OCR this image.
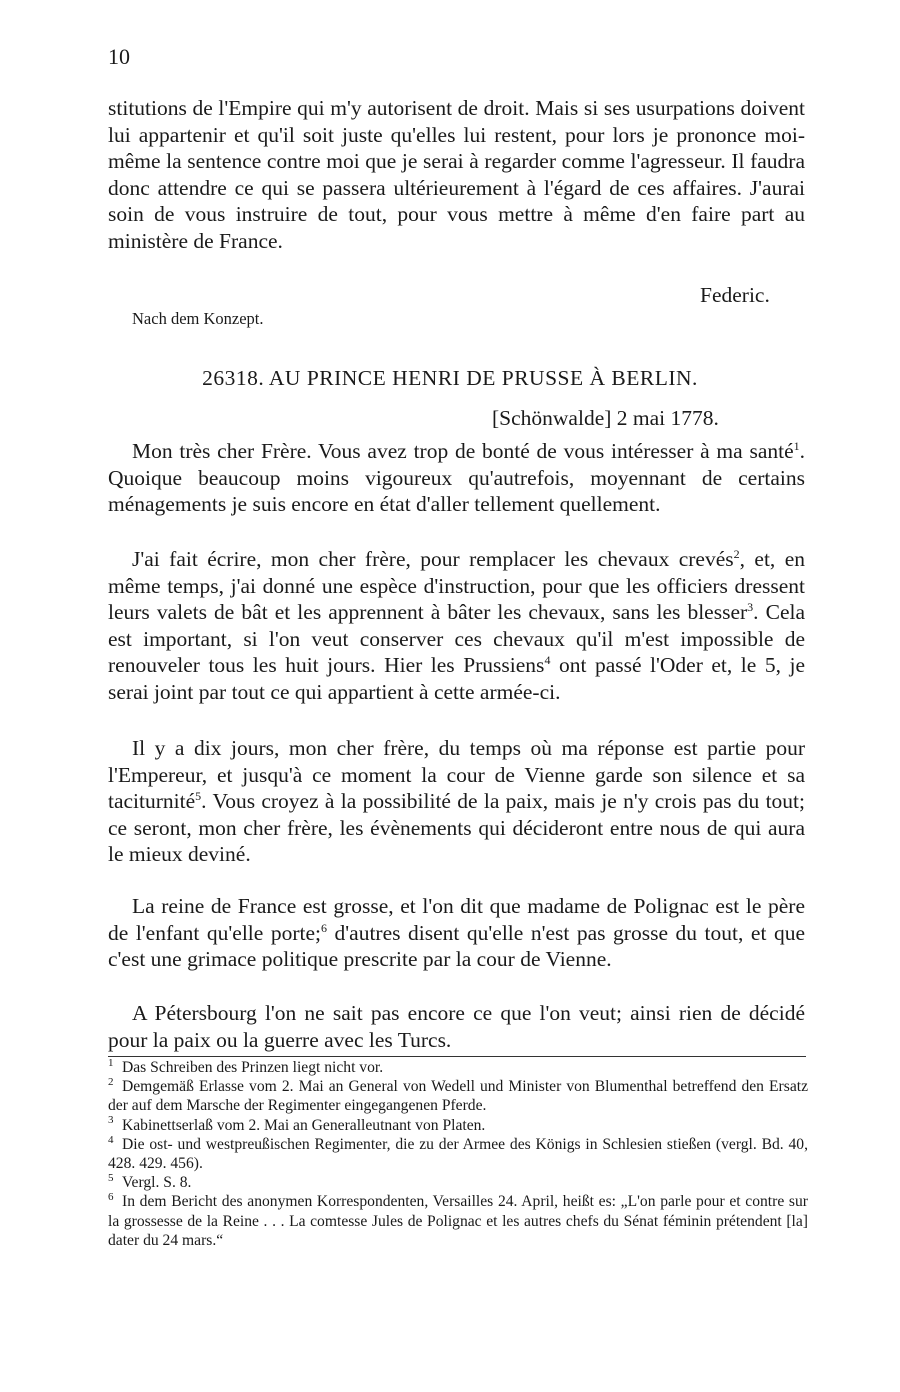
10
stitutions de l'Empire qui m'y autorisent de droit. Mais si ses usurpations doivent lui appartenir et qu'il soit juste qu'elles lui restent, pour lors je prononce moi-même la sentence contre moi que je serai à regarder comme l'agresseur. Il faudra donc attendre ce qui se passera ultérieurement à l'égard de ces affaires. J'aurai soin de vous instruire de tout, pour vous mettre à même d'en faire part au ministère de France.
Federic.
Nach dem Konzept.
26318. AU PRINCE HENRI DE PRUSSE À BERLIN.
[Schönwalde] 2 mai 1778.
Mon très cher Frère. Vous avez trop de bonté de vous intéresser à ma santé$^1$. Quoique beaucoup moins vigoureux qu'autrefois, moyennant de certains ménagements je suis encore en état d'aller tellement quellement.
J'ai fait écrire, mon cher frère, pour remplacer les chevaux crevés$^2$, et, en même temps, j'ai donné une espèce d'instruction, pour que les officiers dressent leurs valets de bât et les apprennent à bâter les chevaux, sans les blesser$^3$. Cela est important, si l'on veut conserver ces chevaux qu'il m'est impossible de renouveler tous les huit jours. Hier les Prussiens$^4$ ont passé l'Oder et, le 5, je serai joint par tout ce qui appartient à cette armée-ci.
Il y a dix jours, mon cher frère, du temps où ma réponse est partie pour l'Empereur, et jusqu'à ce moment la cour de Vienne garde son silence et sa taciturnité$^5$. Vous croyez à la possibilité de la paix, mais je n'y crois pas du tout; ce seront, mon cher frère, les évènements qui décideront entre nous de qui aura le mieux deviné.
La reine de France est grosse, et l'on dit que madame de Polignac est le père de l'enfant qu'elle porte;$^6$ d'autres disent qu'elle n'est pas grosse du tout, et que c'est une grimace politique prescrite par la cour de Vienne.
A Pétersbourg l'on ne sait pas encore ce que l'on veut; ainsi rien de décidé pour la paix ou la guerre avec les Turcs.

1 Das Schreiben des Prinzen liegt nicht vor.

2 Demgemäß Erlasse vom 2. Mai an General von Wedell und Minister von Blumenthal betreffend den Ersatz der auf dem Marsche der Regimenter eingegangenen Pferde.

3 Kabinettserlaß vom 2. Mai an Generalleutnant von Platen.

4 Die ost- und westpreußischen Regimenter, die zu der Armee des Königs in Schlesien stießen (vergl. Bd. 40, 428. 429. 456).

5 Vergl. S. 8.

6 In dem Bericht des anonymen Korrespondenten, Versailles 24. April, heißt es: „L'on parle pour et contre sur la grossesse de la Reine . . . La comtesse Jules de Polignac et les autres chefs du Sénat féminin prétendent [la] dater du 24 mars.“
